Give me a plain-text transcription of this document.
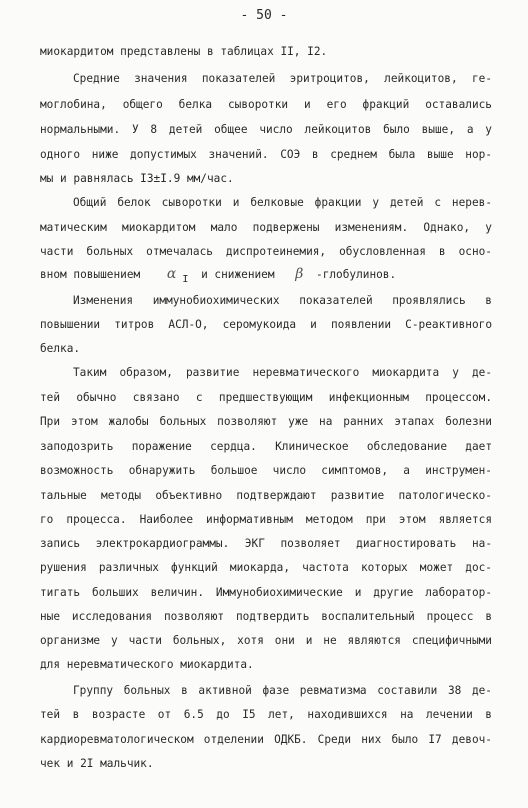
- 50 -
миокардитом представлены в таблицах II, I2.
Средние значения показателей эритроцитов, лейкоцитов, ге-
моглобина, общего белка сыворотки и его фракций оставались
нормальными. У 8 детей общее число лейкоцитов было выше, а у
одного ниже допустимых значений. СОЭ в среднем была выше нор-
мы и равнялась I3±I.9 мм/час.
Общий белок сыворотки и белковые фракции у детей с нерев-
матическим миокардитом мало подвержены изменениям. Однако, у
части больных отмечалась диспротеинемия, обусловленная в осно-
вном повышением α I и снижением β -глобулинов.
Изменения иммунобиохимических показателей проявлялись в
повышении титров АСЛ-О, серомукоида и появлении С-реактивного
белка.
Таким образом, развитие неревматического миокардита у де-
тей обычно связано с предшествующим инфекционным процессом.
При этом жалобы больных позволяют уже на ранних этапах болезни
заподозрить поражение сердца. Клиническое обследование дает
возможность обнаружить большое число симптомов, а инструмен-
тальные методы объективно подтверждают развитие патологическо-
го процесса. Наиболее информативным методом при этом является
запись электрокардиограммы. ЭКГ позволяет диагностировать на-
рушения различных функций миокарда, частота которых может дос-
тигать больших величин. Иммунобиохимические и другие лаборатор-
ные исследования позволяют подтвердить воспалительный процесс в
организме у части больных, хотя они и не являются специфичными
для неревматического миокардита.
Группу больных в активной фазе ревматизма составили 38 де-
тей в возрасте от 6.5 до I5 лет, находившихся на лечении в
кардиоревматологическом отделении ОДКБ. Среди них было I7 девоч-
чек и 2I мальчик.
